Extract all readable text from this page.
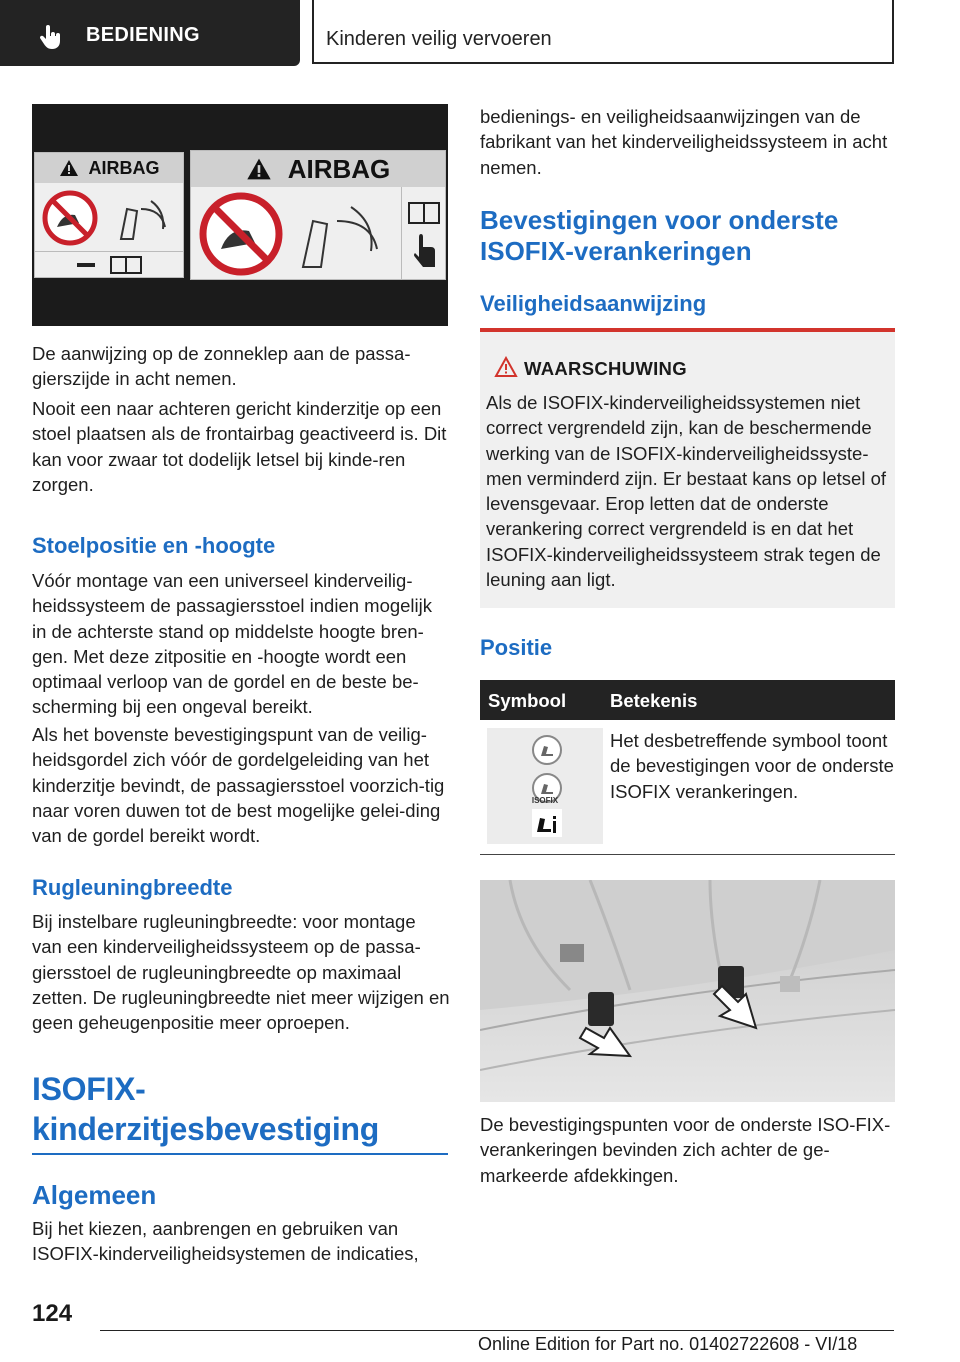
BEDIENING	Kinderen veilig vervoeren
AIRBAG	AIRBAG

De aanwijzing op de zonneklep aan de passa-gierszijde in acht nemen.

Nooit een naar achteren gericht kinderzitje op een stoel plaatsen als de frontairbag geactiveerd is. Dit kan voor zwaar tot dodelijk letsel bij kinde-ren zorgen.

Stoelpositie en -hoogte

Vóór montage van een universeel kinderveilig-heidssysteem de passagiersstoel indien mogelijk in de achterste stand op middelste hoogte bren-gen. Met deze zitpositie en -hoogte wordt een optimaal verloop van de gordel en de beste be-scherming bij een ongeval bereikt.

Als het bovenste bevestigingspunt van de veilig-heidsgordel zich vóór de gordelgeleiding van het kinderzitje bevindt, de passagiersstoel voorzich-tig naar voren duwen tot de best mogelijke gelei-ding van de gordel bereikt wordt.

Rugleuningbreedte

Bij instelbare rugleuningbreedte: voor montage van een kinderveiligheidssysteem op de passa-giersstoel de rugleuningbreedte op maximaal zetten. De rugleuningbreedte niet meer wijzigen en geen geheugenpositie meer oproepen.

ISOFIX-
kinderzitjesbevestiging
Algemeen

Bij het kiezen, aanbrengen en gebruiken van ISOFIX-kinderveiligheidsystemen de indicaties,

bedienings- en veiligheidsaanwijzingen van de fabrikant van het kinderveiligheidssysteem in acht nemen.

Bevestigingen voor onderste
ISOFIX-verankeringen
Veiligheidsaanwijzing
WAARSCHUWING

Als de ISOFIX-kinderveiligheidssystemen niet correct vergrendeld zijn, kan de beschermende werking van de ISOFIX-kinderveiligheidssyste-men verminderd zijn. Er bestaat kans op letsel of levensgevaar. Erop letten dat de onderste verankering correct vergrendeld is en dat het ISOFIX-kinderveiligheidssysteem strak tegen de leuning aan ligt.

Positie
Symbool Betekenis
ISOFIX

Het desbetreffende symbool toont de bevestigingen voor de onderste ISOFIX verankeringen.

De bevestigingspunten voor de onderste ISO-FIX-verankeringen bevinden zich achter de ge-markeerde afdekkingen.

124
Online Edition for Part no. 01402722608 - VI/18
